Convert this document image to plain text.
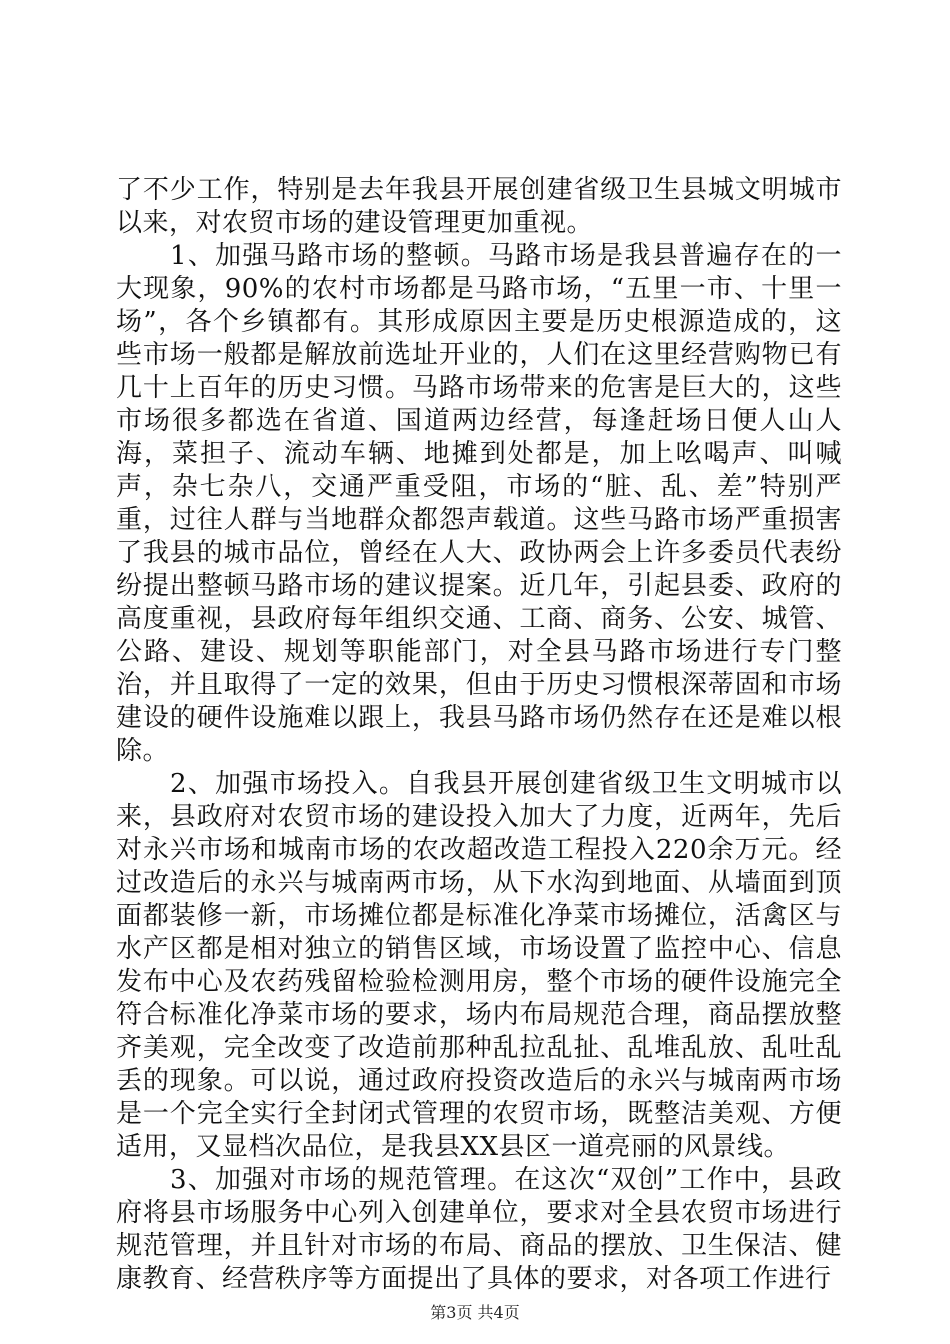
了不少工作，特别是去年我县开展创建省级卫生县城文明城市以来，对农贸市场的建设管理更加重视。

1、加强马路市场的整顿。马路市场是我县普遍存在的一大现象，90%的农村市场都是马路市场，“五里一市、十里一场”，各个乡镇都有。其形成原因主要是历史根源造成的，这些市场一般都是解放前选址开业的，人们在这里经营购物已有几十上百年的历史习惯。马路市场带来的危害是巨大的，这些市场很多都选在省道、国道两边经营，每逢赶场日便人山人海，菜担子、流动车辆、地摊到处都是，加上吆喝声、叫喊声，杂七杂八，交通严重受阻，市场的“脏、乱、差”特别严重，过往人群与当地群众都怨声载道。这些马路市场严重损害了我县的城市品位，曾经在人大、政协两会上许多委员代表纷纷提出整顿马路市场的建议提案。近几年，引起县委、政府的高度重视，县政府每年组织交通、工商、商务、公安、城管、公路、建设、规划等职能部门，对全县马路市场进行专门整治，并且取得了一定的效果，但由于历史习惯根深蒂固和市场建设的硬件设施难以跟上，我县马路市场仍然存在还是难以根除。

2、加强市场投入。自我县开展创建省级卫生文明城市以来，县政府对农贸市场的建设投入加大了力度，近两年，先后对永兴市场和城南市场的农改超改造工程投入220余万元。经过改造后的永兴与城南两市场，从下水沟到地面、从墙面到顶面都装修一新，市场摊位都是标准化净菜市场摊位，活禽区与水产区都是相对独立的销售区域，市场设置了监控中心、信息发布中心及农药残留检验检测用房，整个市场的硬件设施完全符合标准化净菜市场的要求，场内布局规范合理，商品摆放整齐美观，完全改变了改造前那种乱拉乱扯、乱堆乱放、乱吐乱丢的现象。可以说，通过政府投资改造后的永兴与城南两市场是一个完全实行全封闭式管理的农贸市场，既整洁美观、方便适用，又显档次品位，是我县XX县区一道亮丽的风景线。

3、加强对市场的规范管理。在这次“双创”工作中，县政府将县市场服务中心列入创建单位，要求对全县农贸市场进行规范管理，并且针对市场的布局、商品的摆放、卫生保洁、健康教育、经营秩序等方面提出了具体的要求，对各项工作进行

第3页 共4页
